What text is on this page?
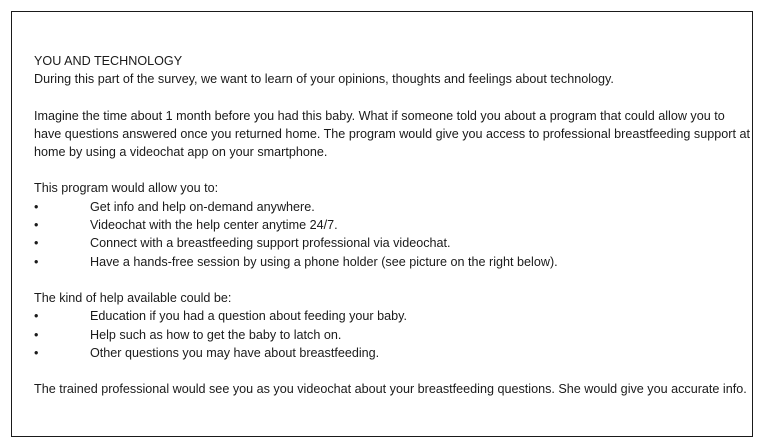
YOU AND TECHNOLOGY

During this part of the survey, we want to learn of your opinions, thoughts and feelings about technology.

Imagine the time about 1 month before you had this baby. What if someone told you about a program that could allow you to have questions answered once you returned home. The program would give you access to professional breastfeeding support at home by using a videochat app on your smartphone.

This program would allow you to:

•	Get info and help on-demand anywhere.
•	Videochat with the help center anytime 24/7.
•	Connect with a breastfeeding support professional via videochat.
•	Have a hands-free session by using a phone holder (see picture on the right below).

The kind of help available could be:

•	Education if you had a question about feeding your baby.
•	Help such as how to get the baby to latch on.
•	Other questions you may have about breastfeeding.

The trained professional would see you as you videochat about your breastfeeding questions. She would give you accurate info.
